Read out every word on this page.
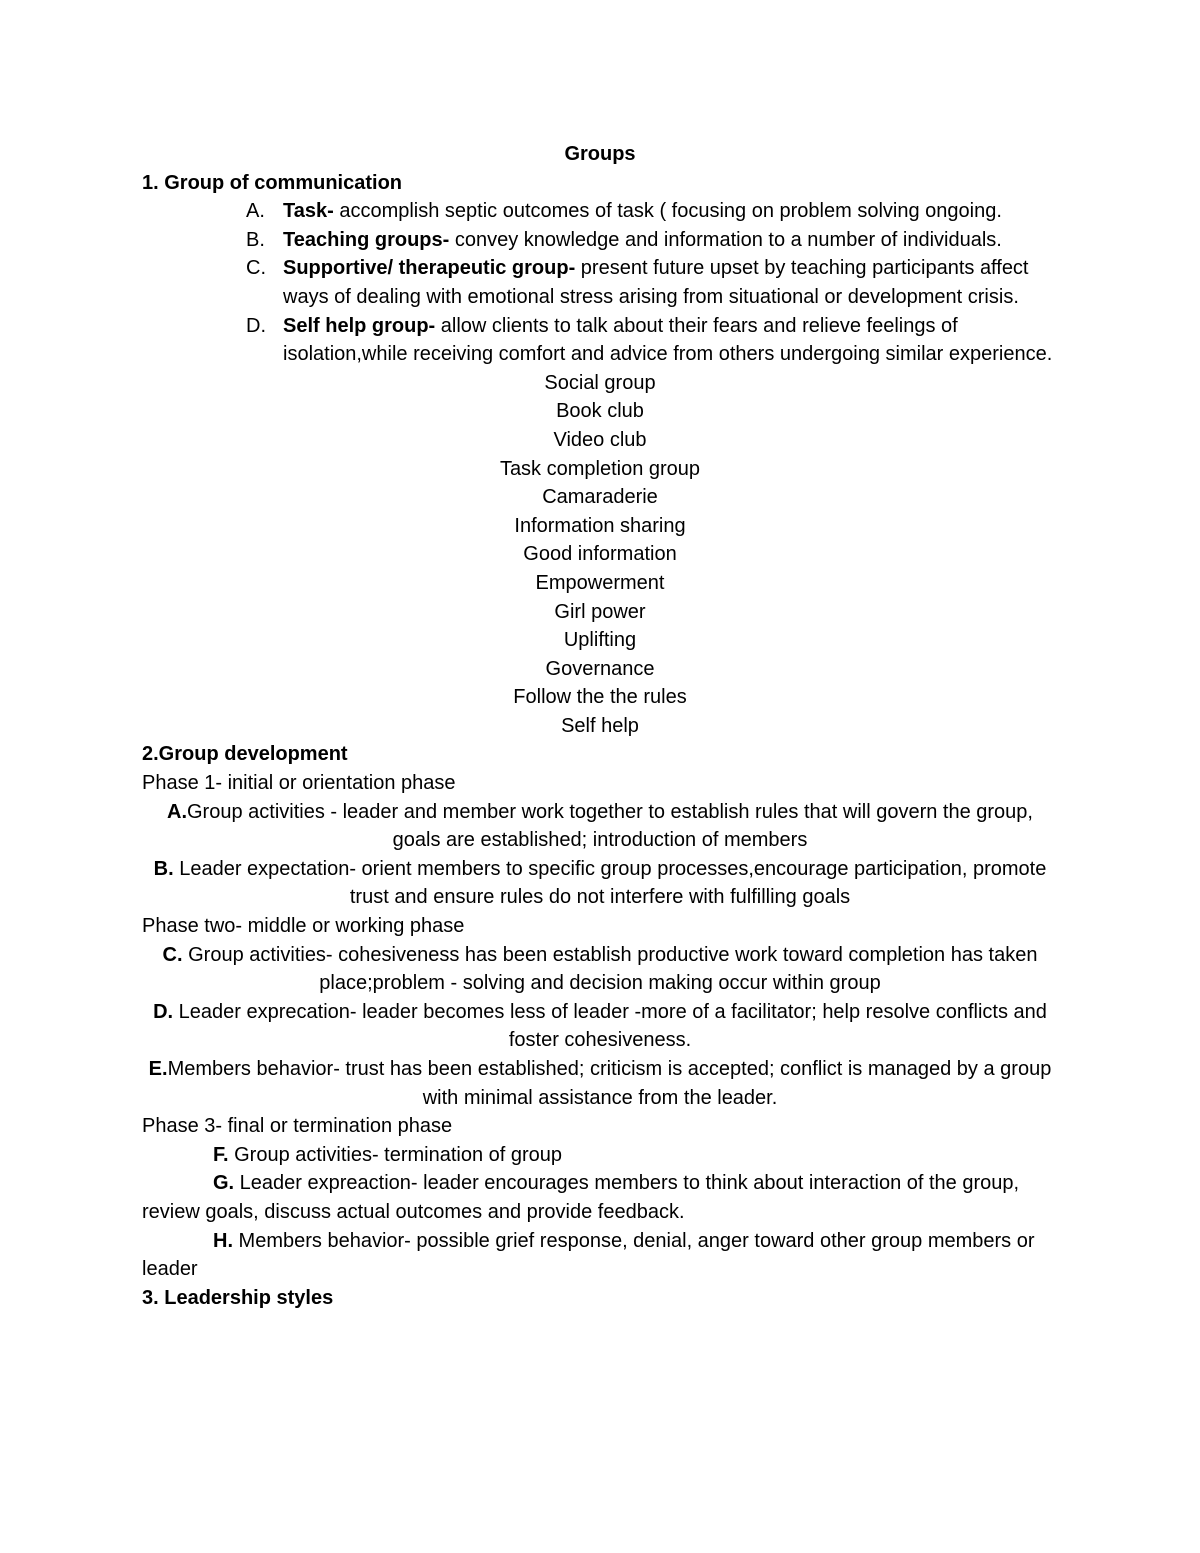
Groups
1. Group of communication
A. Task- accomplish septic outcomes of task ( focusing on problem solving ongoing.
B. Teaching groups- convey knowledge and information to a number of individuals.
C. Supportive/ therapeutic group- present future upset by teaching participants affect ways of dealing with emotional stress arising from situational or development crisis.
D. Self help group- allow clients to talk about their fears and relieve feelings of isolation,while receiving comfort and advice from others undergoing similar experience.
Social group
Book club
Video club
Task completion group
Camaraderie
Information sharing
Good information
Empowerment
Girl power
Uplifting
Governance
Follow the the rules
Self help
2.Group development
Phase 1- initial or orientation phase
A.Group activities - leader and member work together to establish rules that will govern the group, goals are established; introduction of members
B. Leader expectation- orient members to specific group processes,encourage participation, promote trust and ensure rules do not interfere with fulfilling goals
Phase two- middle or working phase
C. Group activities- cohesiveness has been establish productive work toward completion has taken place;problem - solving and decision making occur within group
D. Leader exprecation- leader becomes less of leader -more of a facilitator; help resolve conflicts and foster cohesiveness.
E.Members behavior- trust has been established; criticism is accepted; conflict is managed by a group with minimal assistance from the leader.
Phase 3- final or termination phase
F. Group activities- termination of group
G. Leader expreaction- leader encourages members to think about interaction of the group, review goals, discuss actual outcomes and provide feedback.
H. Members behavior- possible grief response, denial, anger toward other group members or leader
3. Leadership styles
